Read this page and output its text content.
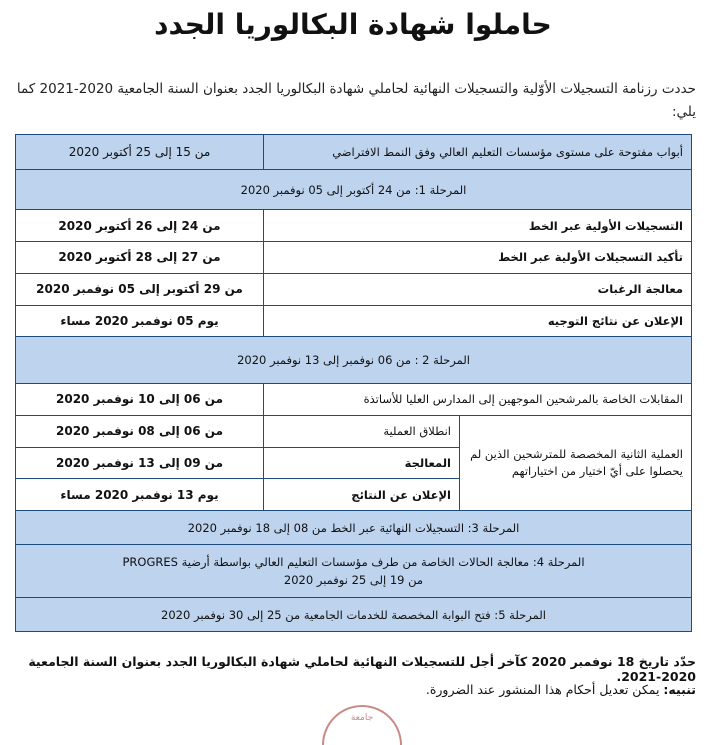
حاملوا شهادة البكالوريا الجدد
حددت رزنامة التسجيلات الأوّلية والتسجيلات النهائية لحاملي شهادة البكالوريا الجدد بعنوان السنة الجامعية 2020-2021 كما يلي:
أبواب مفتوحة على مستوى مؤسسات التعليم العالي وفق النمط الافتراضي		من 15 إلى 25 أكتوبر 2020
المرحلة 1: من 24 أكتوبر إلى 05 نوفمبر 2020		
التسجيلات الأولية عبر الخط		من 24 إلى 26 أكتوبر 2020
تأكيد التسجيلات الأولية عبر الخط		من 27 إلى 28 أكتوبر 2020
معالجة الرغبات		من 29 أكتوبر إلى 05 نوفمبر 2020
الإعلان عن نتائج التوجيه		يوم 05 نوفمبر 2020 مساء
المرحلة 2 : من 06 نوفمبر إلى 13 نوفمبر 2020		
المقابلات الخاصة بالمرشحين الموجهين إلى المدارس العليا للأساتذة		من 06 إلى 10 نوفمبر 2020
العملية الثانية المخصصة للمترشحين الذين لم يحصلوا على أيّ اختيار من اختياراتهم	انطلاق العملية	من 06 إلى 08 نوفمبر 2020
	المعالجة	من 09 إلى 13 نوفمبر 2020
	الإعلان عن النتائج	يوم 13 نوفمبر 2020 مساء
المرحلة 3: التسجيلات النهائية عبر الخط من 08 إلى 18 نوفمبر 2020		

المرحلة 4: معالجة الحالات الخاصة من طرف مؤسسات التعليم العالي بواسطة أرضية PROGRES
من 19 إلى 25 نوفمبر 2020		

المرحلة 5: فتح البوابة المخصصة للخدمات الجامعية من 25 إلى 30 نوفمبر 2020		
حدّد تاريخ 18 نوفمبر 2020 كآخر أجل للتسجيلات النهائية لحاملي شهادة البكالوريا الجدد بعنوان السنة الجامعية 2020-2021.
تنبيه: يمكن تعديل أحكام هذا المنشور عند الضرورة.
جامعة
